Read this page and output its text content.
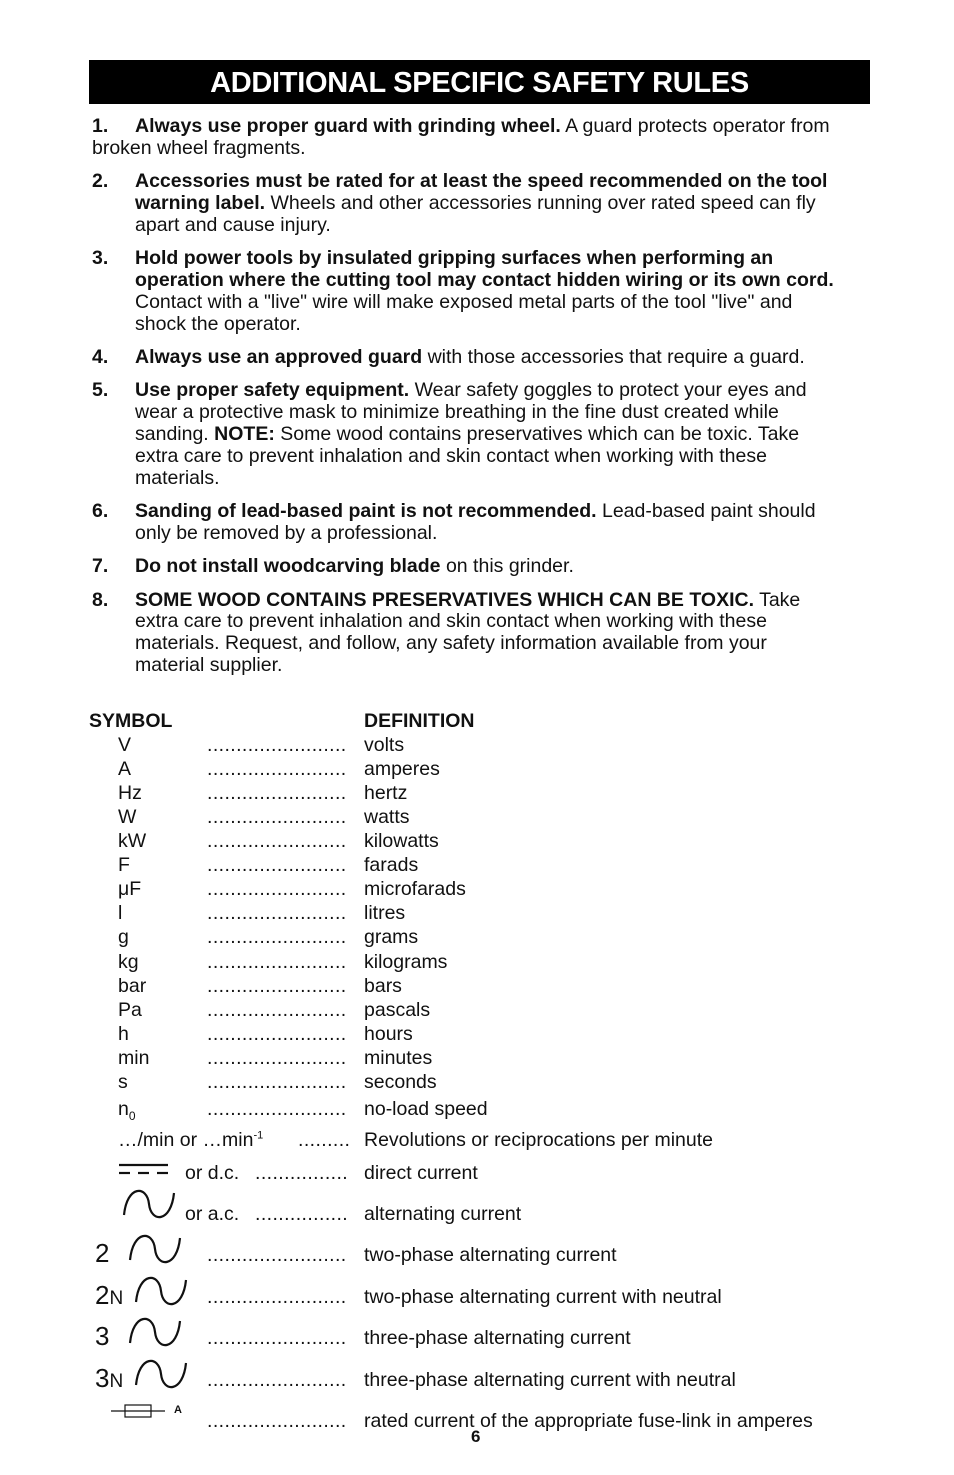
ADDITIONAL SPECIFIC SAFETY RULES
1. Always use proper guard with grinding wheel. A guard protects operator from broken wheel fragments.
2. Accessories must be rated for at least the speed recommended on the tool warning label. Wheels and other accessories running over rated speed can fly apart and cause injury.
3. Hold power tools by insulated gripping surfaces when performing an operation where the cutting tool may contact hidden wiring or its own cord. Contact with a "live" wire will make exposed metal parts of the tool "live" and shock the operator.
4. Always use an approved guard with those accessories that require a guard.
5. Use proper safety equipment. Wear safety goggles to protect your eyes and wear a protective mask to minimize breathing in the fine dust created while sanding. NOTE: Some wood contains preservatives which can be toxic. Take extra care to prevent inhalation and skin contact when working with these materials.
6. Sanding of lead-based paint is not recommended. Lead-based paint should only be removed by a professional.
7. Do not install woodcarving blade on this grinder.
8. SOME WOOD CONTAINS PRESERVATIVES WHICH CAN BE TOXIC. Take extra care to prevent inhalation and skin contact when working with these materials. Request, and follow, any safety information available from your material supplier.
SYMBOL	DEFINITION
V	........................ volts
A	........................ amperes
Hz	........................ hertz
W	........................ watts
kW	........................ kilowatts
F	........................ farads
μF	........................ microfarads
l	........................ litres
g	........................ grams
kg	........................ kilograms
bar	........................ bars
Pa	........................ pascals
h	........................ hours
min	........................ minutes
s	........................ seconds
$n_0$	........................ no-load speed
…/min or $\dots\min^{-1}$ ......... Revolutions or reciprocations per minute
or d.c. ................ direct current
or a.c. ................ alternating current
2	........................ two-phase alternating current
2N	........................ two-phase alternating current with neutral
3	........................ three-phase alternating current
3N	........................ three-phase alternating current with neutral
A ........................ rated current of the appropriate fuse-link in amperes
6
